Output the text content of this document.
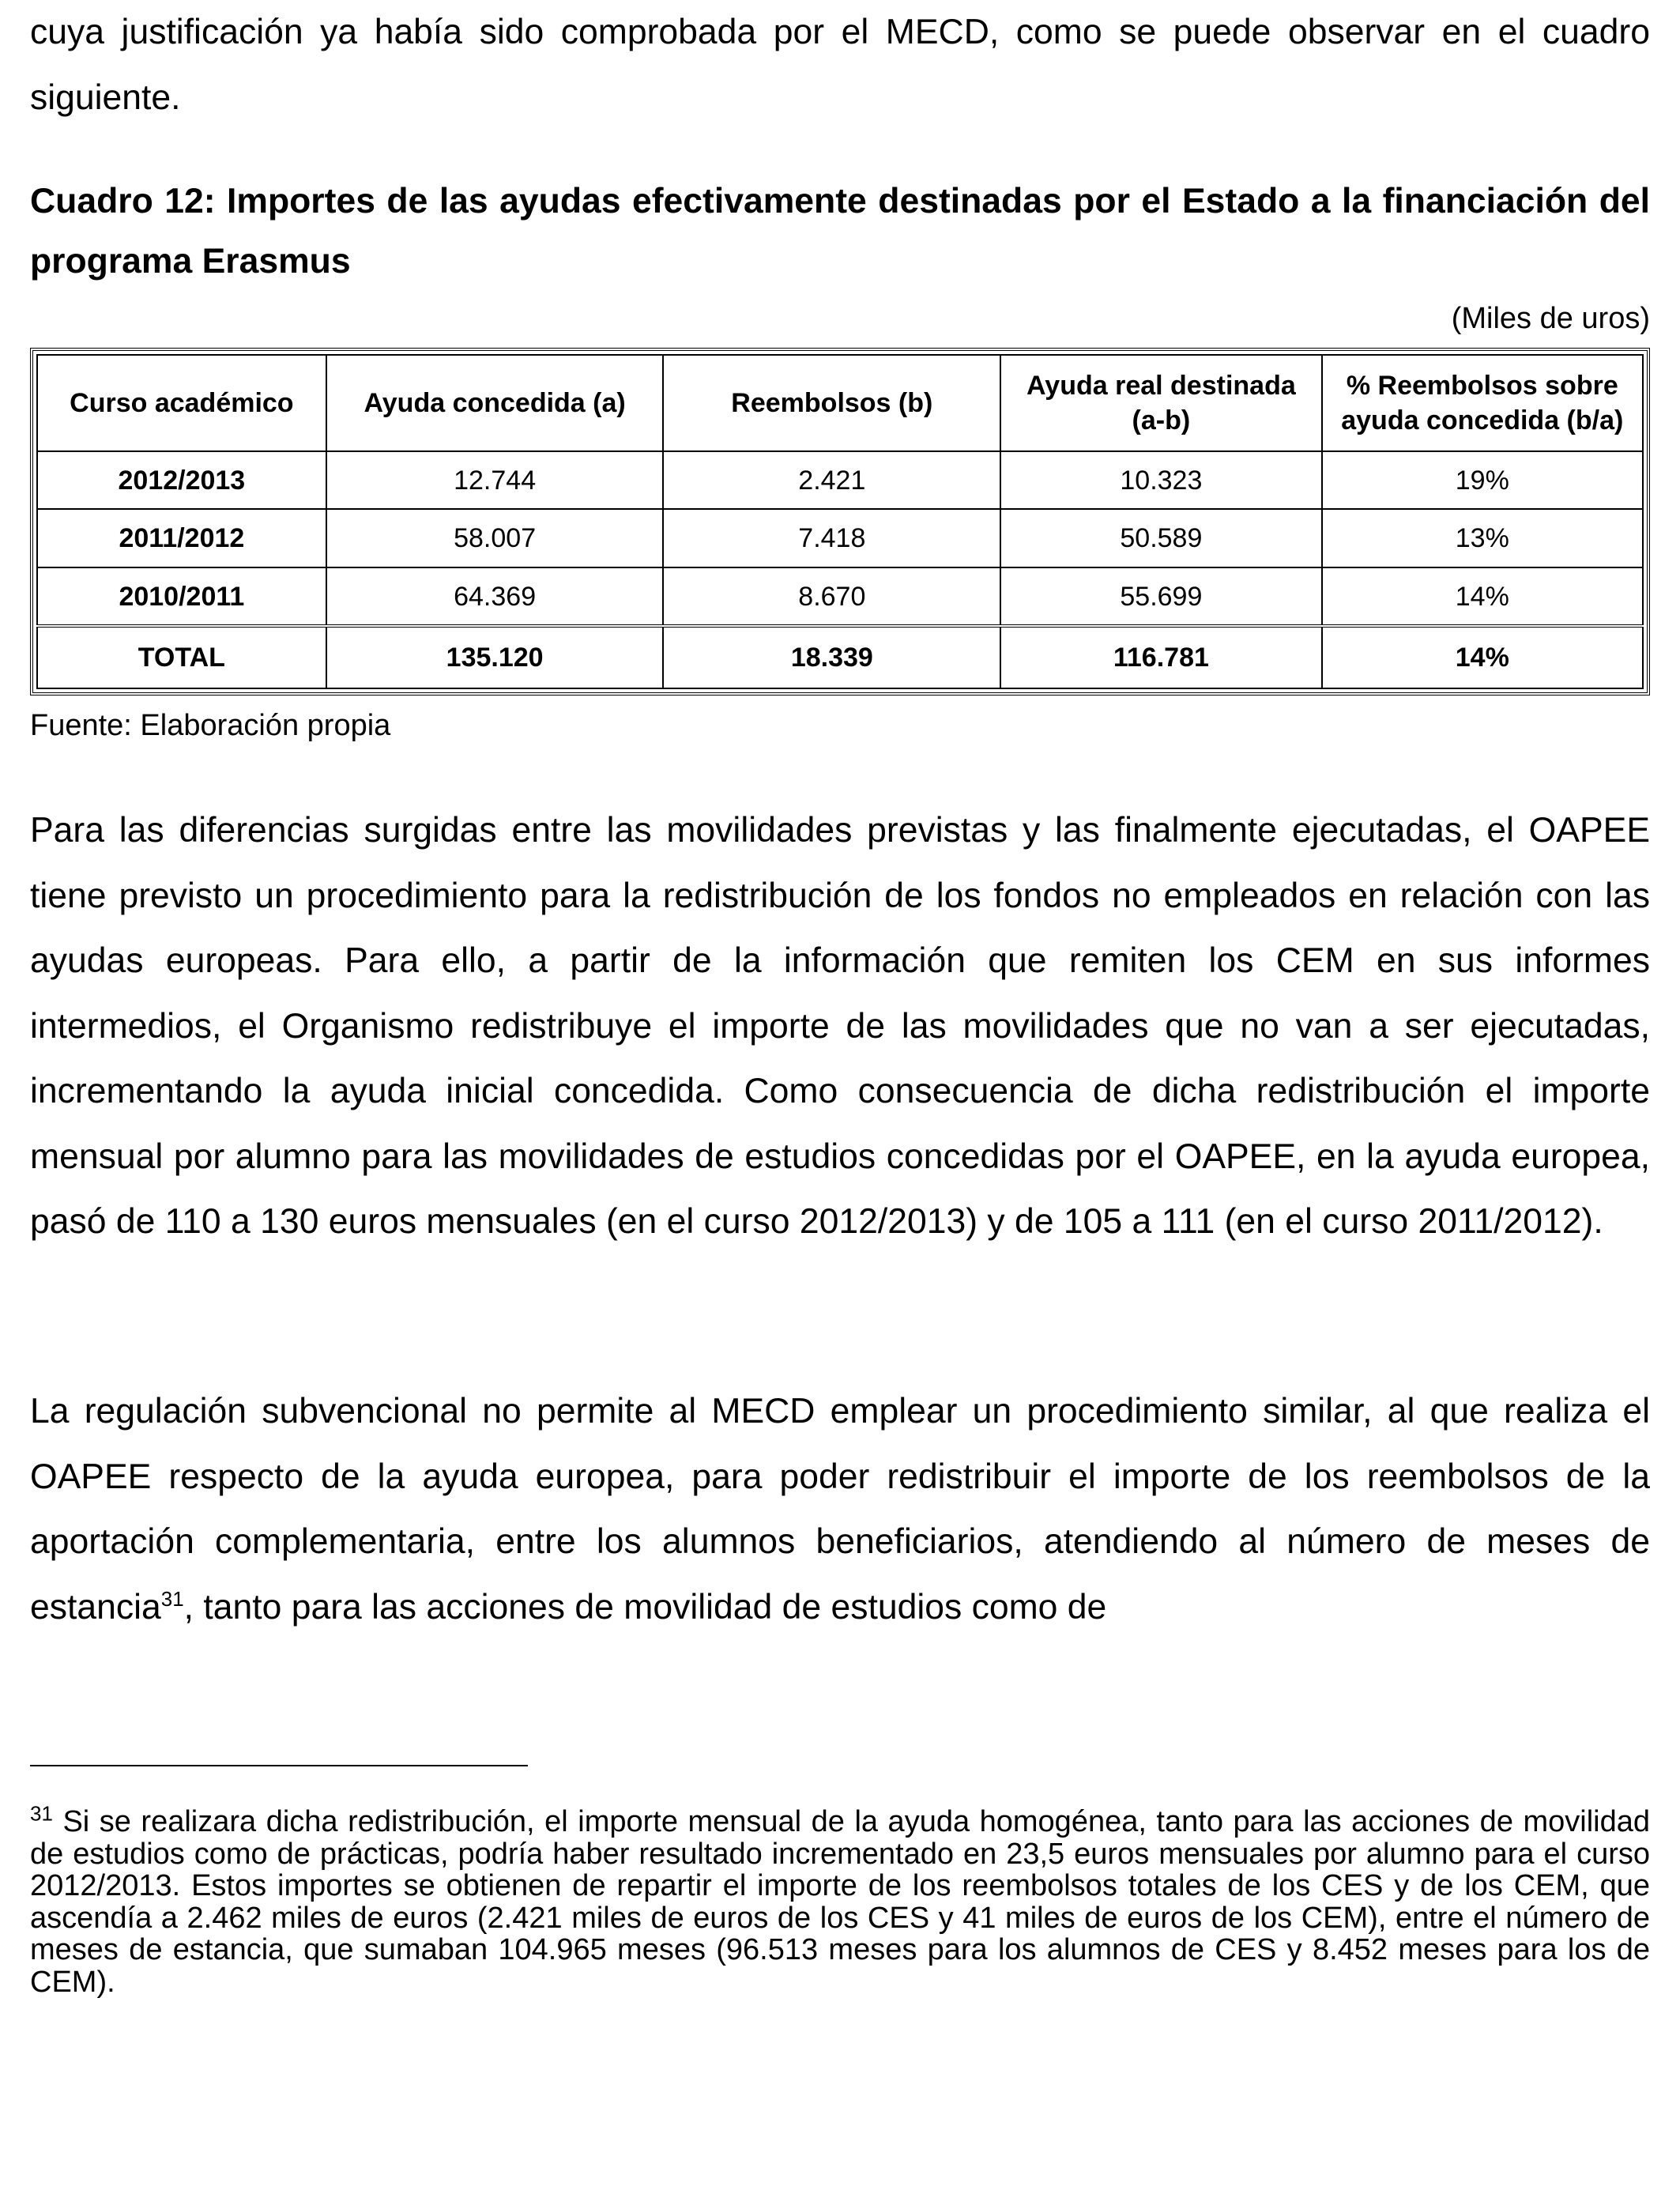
cuya justificación ya había sido comprobada por el MECD, como se puede observar en el cuadro siguiente.

Cuadro 12: Importes de las ayudas efectivamente destinadas por el Estado a la financiación del programa Erasmus

(Miles de uros)
Curso académico	Ayuda concedida (a)	Reembolsos (b)	Ayuda real destinada (a-b)	% Reembolsos sobre ayuda concedida (b/a)
2012/2013	12.744	2.421	10.323	19%
2011/2012	58.007	7.418	50.589	13%
2010/2011	64.369	8.670	55.699	14%
TOTAL	135.120	18.339	116.781	14%
Fuente: Elaboración propia

Para las diferencias surgidas entre las movilidades previstas y las finalmente ejecutadas, el OAPEE tiene previsto un procedimiento para la redistribución de los fondos no empleados en relación con las ayudas europeas. Para ello, a partir de la información que remiten los CEM en sus informes intermedios, el Organismo redistribuye el importe de las movilidades que no van a ser ejecutadas, incrementando la ayuda inicial concedida. Como consecuencia de dicha redistribución el importe mensual por alumno para las movilidades de estudios concedidas por el OAPEE, en la ayuda europea, pasó de 110 a 130 euros mensuales (en el curso 2012/2013) y de 105 a 111 (en el curso 2011/2012).

La regulación subvencional no permite al MECD emplear un procedimiento similar, al que realiza el OAPEE respecto de la ayuda europea, para poder redistribuir el importe de los reembolsos de la aportación complementaria, entre los alumnos beneficiarios, atendiendo al número de meses de estancia$^{31}$, tanto para las acciones de movilidad de estudios como de

$^{31}$ Si se realizara dicha redistribución, el importe mensual de la ayuda homogénea, tanto para las acciones de movilidad de estudios como de prácticas, podría haber resultado incrementado en 23,5 euros mensuales por alumno para el curso 2012/2013. Estos importes se obtienen de repartir el importe de los reembolsos totales de los CES y de los CEM, que ascendía a 2.462 miles de euros (2.421 miles de euros de los CES y 41 miles de euros de los CEM), entre el número de meses de estancia, que sumaban 104.965 meses (96.513 meses para los alumnos de CES y 8.452 meses para los de CEM).
